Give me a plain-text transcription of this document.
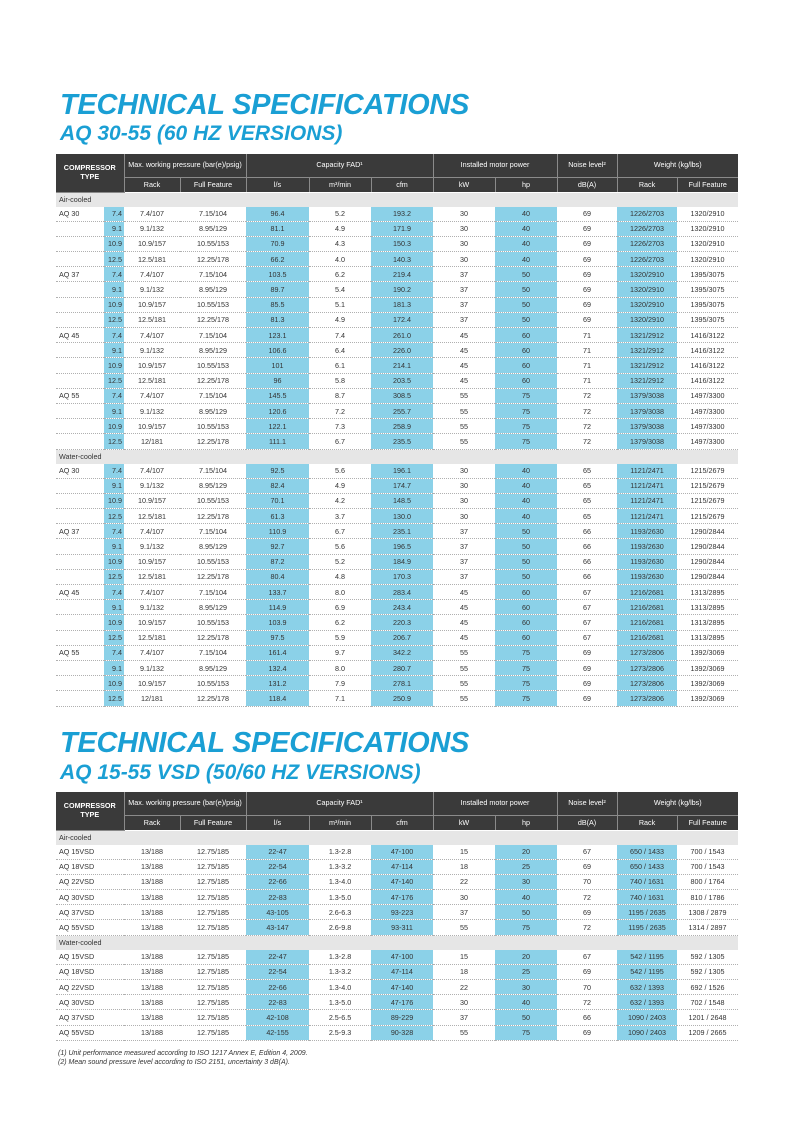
TECHNICAL SPECIFICATIONS
AQ 30-55 (60 HZ VERSIONS)
COMPRESSOR TYPE		Max. working pressure (bar(e)/psig)		Capacity FAD¹			Installed motor power		Noise level²	Weight (kg/lbs)	
		Rack	Full Feature	l/s	m³/min	cfm	kW	hp	dB(A)	Rack	Full Feature
Air-cooled											
AQ 30	7.4	7.4/107	7.15/104	96.4	5.2	193.2	30	40	69	1226/2703	1320/2910
	9.1	9.1/132	8.95/129	81.1	4.9	171.9	30	40	69	1226/2703	1320/2910
	10.9	10.9/157	10.55/153	70.9	4.3	150.3	30	40	69	1226/2703	1320/2910
	12.5	12.5/181	12.25/178	66.2	4.0	140.3	30	40	69	1226/2703	1320/2910
AQ 37	7.4	7.4/107	7.15/104	103.5	6.2	219.4	37	50	69	1320/2910	1395/3075
	9.1	9.1/132	8.95/129	89.7	5.4	190.2	37	50	69	1320/2910	1395/3075
	10.9	10.9/157	10.55/153	85.5	5.1	181.3	37	50	69	1320/2910	1395/3075
	12.5	12.5/181	12.25/178	81.3	4.9	172.4	37	50	69	1320/2910	1395/3075
AQ 45	7.4	7.4/107	7.15/104	123.1	7.4	261.0	45	60	71	1321/2912	1416/3122
	9.1	9.1/132	8.95/129	106.6	6.4	226.0	45	60	71	1321/2912	1416/3122
	10.9	10.9/157	10.55/153	101	6.1	214.1	45	60	71	1321/2912	1416/3122
	12.5	12.5/181	12.25/178	96	5.8	203.5	45	60	71	1321/2912	1416/3122
AQ 55	7.4	7.4/107	7.15/104	145.5	8.7	308.5	55	75	72	1379/3038	1497/3300
	9.1	9.1/132	8.95/129	120.6	7.2	255.7	55	75	72	1379/3038	1497/3300
	10.9	10.9/157	10.55/153	122.1	7.3	258.9	55	75	72	1379/3038	1497/3300
	12.5	12/181	12.25/178	111.1	6.7	235.5	55	75	72	1379/3038	1497/3300
Water-cooled											
AQ 30	7.4	7.4/107	7.15/104	92.5	5.6	196.1	30	40	65	1121/2471	1215/2679
	9.1	9.1/132	8.95/129	82.4	4.9	174.7	30	40	65	1121/2471	1215/2679
	10.9	10.9/157	10.55/153	70.1	4.2	148.5	30	40	65	1121/2471	1215/2679
	12.5	12.5/181	12.25/178	61.3	3.7	130.0	30	40	65	1121/2471	1215/2679
AQ 37	7.4	7.4/107	7.15/104	110.9	6.7	235.1	37	50	66	1193/2630	1290/2844
	9.1	9.1/132	8.95/129	92.7	5.6	196.5	37	50	66	1193/2630	1290/2844
	10.9	10.9/157	10.55/153	87.2	5.2	184.9	37	50	66	1193/2630	1290/2844
	12.5	12.5/181	12.25/178	80.4	4.8	170.3	37	50	66	1193/2630	1290/2844
AQ 45	7.4	7.4/107	7.15/104	133.7	8.0	283.4	45	60	67	1216/2681	1313/2895
	9.1	9.1/132	8.95/129	114.9	6.9	243.4	45	60	67	1216/2681	1313/2895
	10.9	10.9/157	10.55/153	103.9	6.2	220.3	45	60	67	1216/2681	1313/2895
	12.5	12.5/181	12.25/178	97.5	5.9	206.7	45	60	67	1216/2681	1313/2895
AQ 55	7.4	7.4/107	7.15/104	161.4	9.7	342.2	55	75	69	1273/2806	1392/3069
	9.1	9.1/132	8.95/129	132.4	8.0	280.7	55	75	69	1273/2806	1392/3069
	10.9	10.9/157	10.55/153	131.2	7.9	278.1	55	75	69	1273/2806	1392/3069
	12.5	12/181	12.25/178	118.4	7.1	250.9	55	75	69	1273/2806	1392/3069
TECHNICAL SPECIFICATIONS
AQ 15-55 VSD (50/60 HZ VERSIONS)
COMPRESSOR TYPE	Max. working pressure (bar(e)/psig)		Capacity FAD¹			Installed motor power		Noise level²	Weight (kg/lbs)	
	Rack	Full Feature	l/s	m³/min	cfm	kW	hp	dB(A)	Rack	Full Feature
Air-cooled										
AQ 15VSD	13/188	12.75/185	22-47	1.3-2.8	47-100	15	20	67	650 / 1433	700 / 1543
AQ 18VSD	13/188	12.75/185	22-54	1.3-3.2	47-114	18	25	69	650 / 1433	700 / 1543
AQ 22VSD	13/188	12.75/185	22-66	1.3-4.0	47-140	22	30	70	740 / 1631	800 / 1764
AQ 30VSD	13/188	12.75/185	22-83	1.3-5.0	47-176	30	40	72	740 / 1631	810 / 1786
AQ 37VSD	13/188	12.75/185	43-105	2.6-6.3	93-223	37	50	69	1195 / 2635	1308 / 2879
AQ 55VSD	13/188	12.75/185	43-147	2.6-9.8	93-311	55	75	72	1195 / 2635	1314 / 2897
Water-cooled										
AQ 15VSD	13/188	12.75/185	22-47	1.3-2.8	47-100	15	20	67	542 / 1195	592 / 1305
AQ 18VSD	13/188	12.75/185	22-54	1.3-3.2	47-114	18	25	69	542 / 1195	592 / 1305
AQ 22VSD	13/188	12.75/185	22-66	1.3-4.0	47-140	22	30	70	632 / 1393	692 / 1526
AQ 30VSD	13/188	12.75/185	22-83	1.3-5.0	47-176	30	40	72	632 / 1393	702 / 1548
AQ 37VSD	13/188	12.75/185	42-108	2.5-6.5	89-229	37	50	66	1090 / 2403	1201 / 2648
AQ 55VSD	13/188	12.75/185	42-155	2.5-9.3	90-328	55	75	69	1090 / 2403	1209 / 2665
(1) Unit performance measured according to ISO 1217 Annex E, Edition 4, 2009.
(2) Mean sound pressure level according to ISO 2151, uncertainty 3 dB(A).
